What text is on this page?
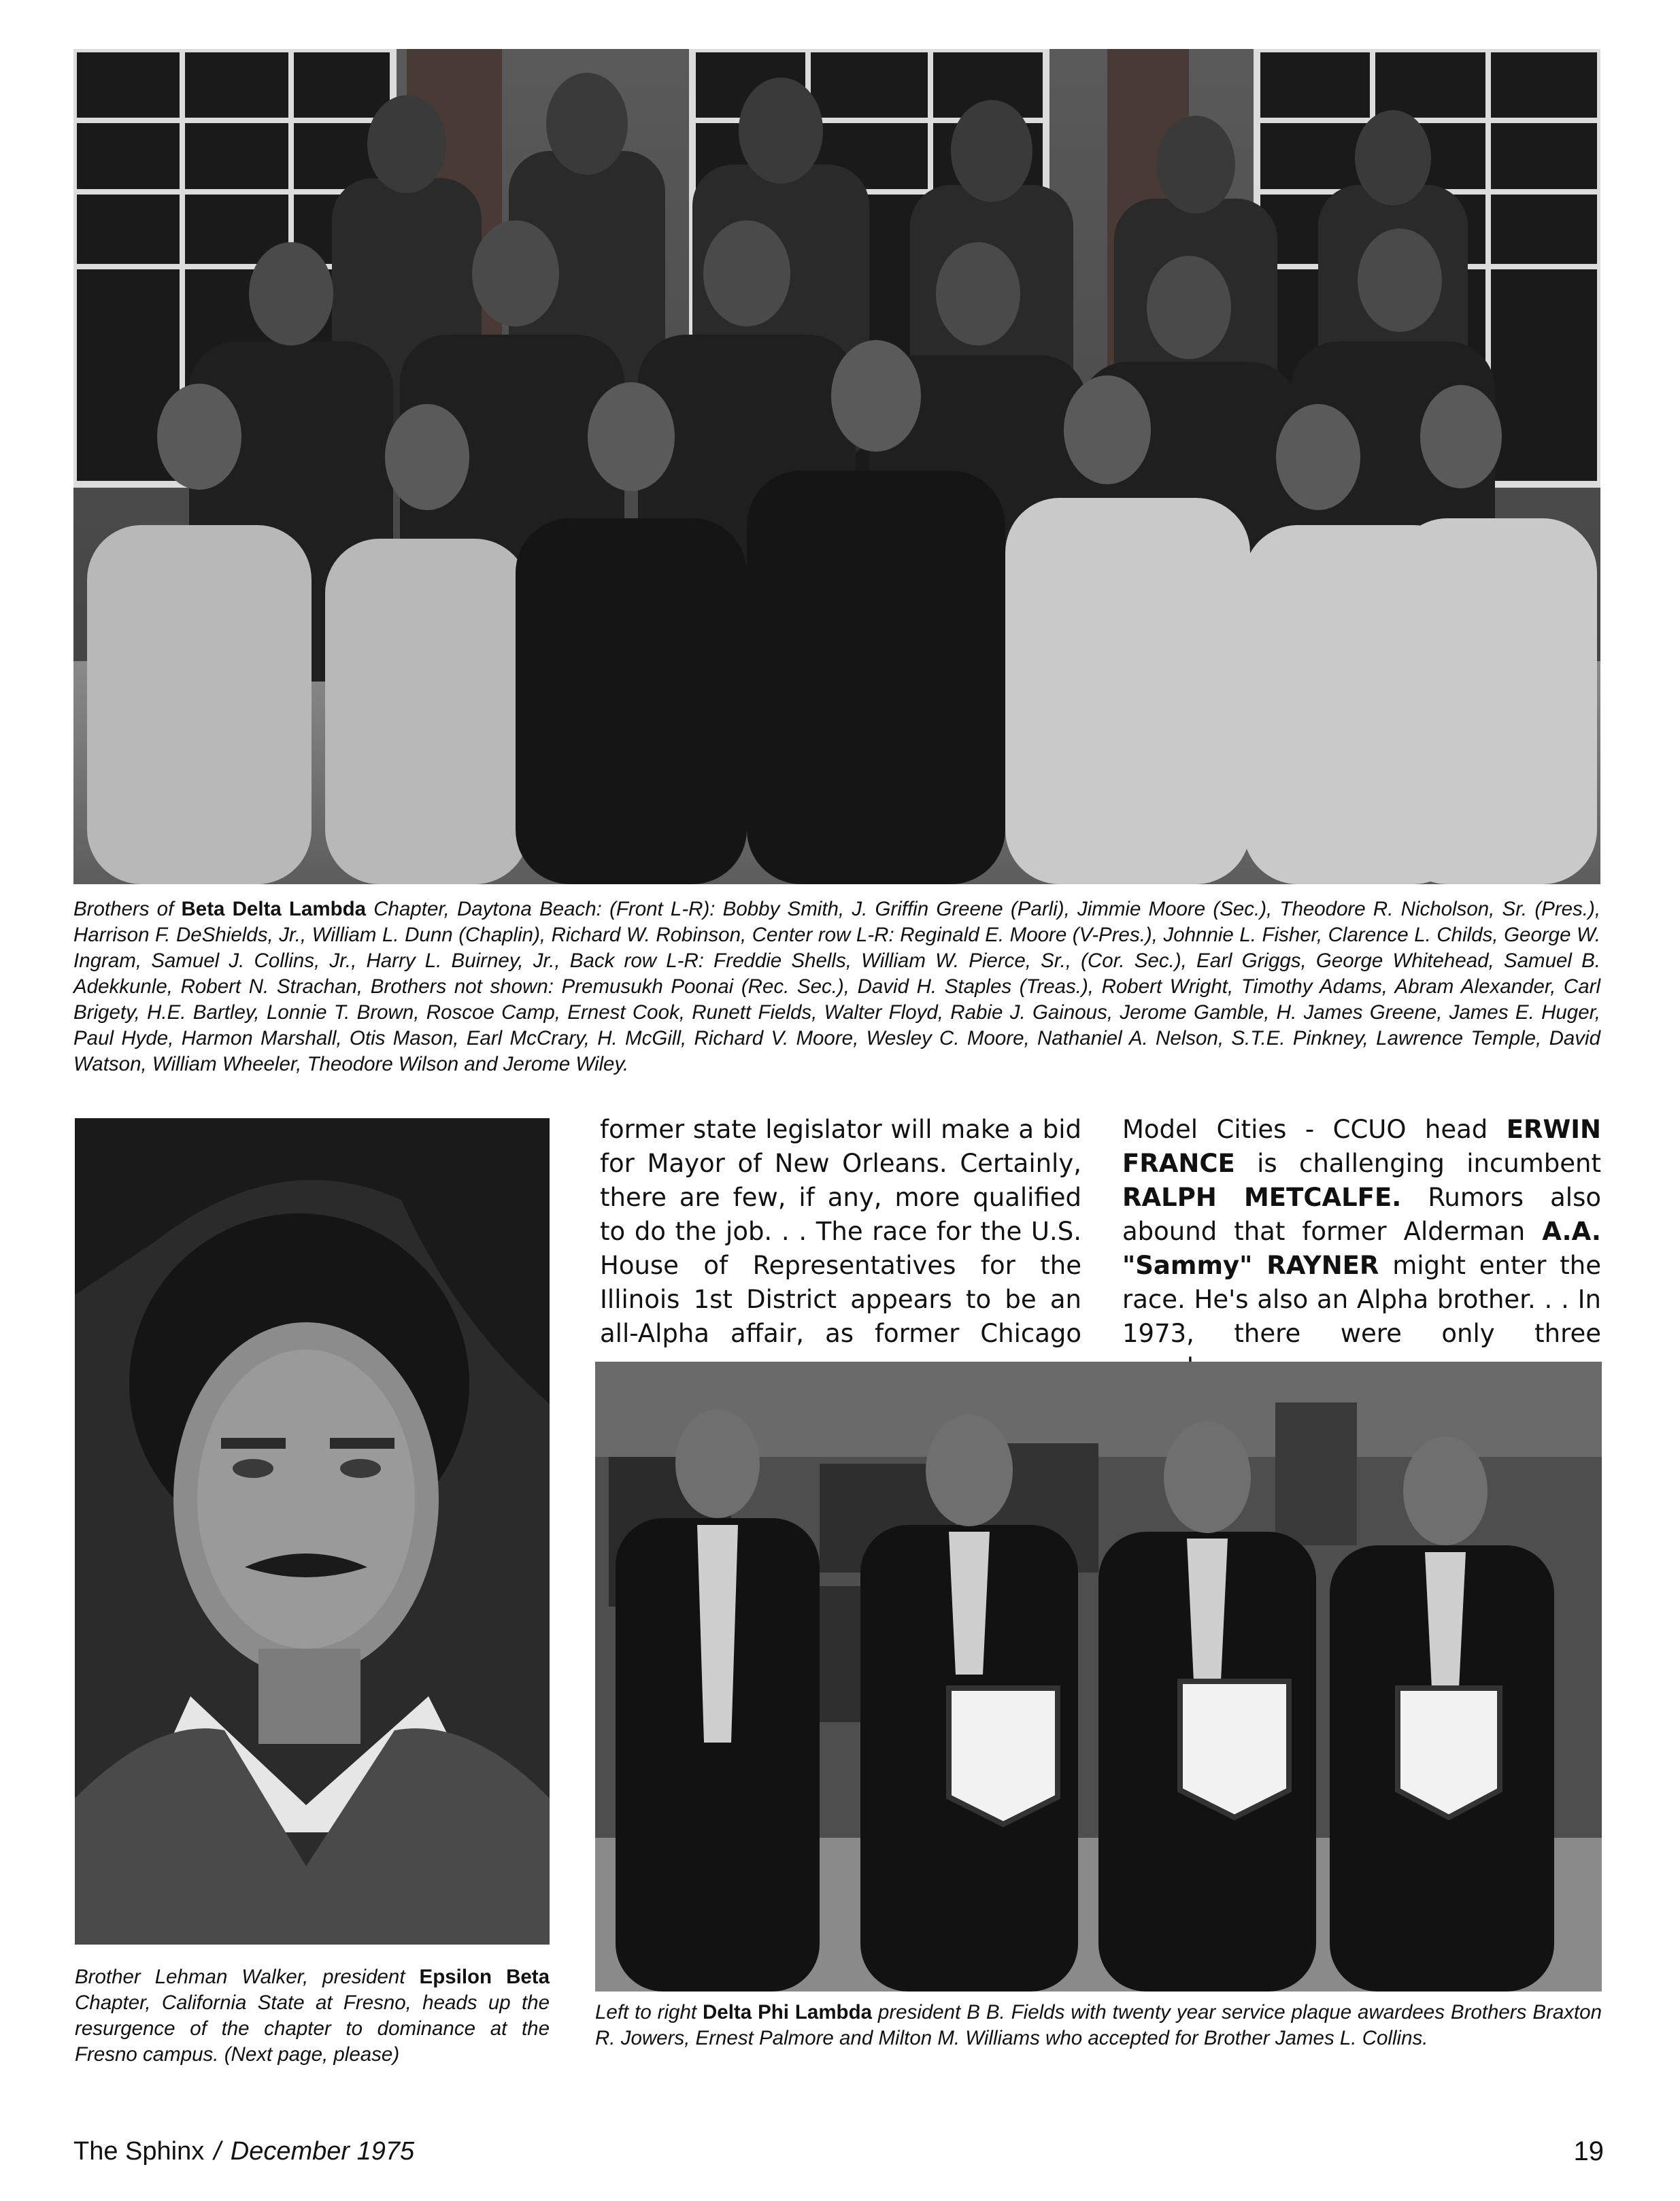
Brothers of Beta Delta Lambda Chapter, Daytona Beach: (Front L-R): Bobby Smith, J. Griffin Greene (Parli), Jimmie Moore (Sec.), Theodore R. Nicholson, Sr. (Pres.), Harrison F. DeShields, Jr., William L. Dunn (Chaplin), Richard W. Robinson, Center row L-R: Reginald E. Moore (V-Pres.), Johnnie L. Fisher, Clarence L. Childs, George W. Ingram, Samuel J. Collins, Jr., Harry L. Buirney, Jr., Back row L-R: Freddie Shells, William W. Pierce, Sr., (Cor. Sec.), Earl Griggs, George Whitehead, Samuel B. Adekkunle, Robert N. Strachan, Brothers not shown: Premusukh Poonai (Rec. Sec.), David H. Staples (Treas.), Robert Wright, Timothy Adams, Abram Alexander, Carl Brigety, H.E. Bartley, Lonnie T. Brown, Roscoe Camp, Ernest Cook, Runett Fields, Walter Floyd, Rabie J. Gainous, Jerome Gamble, H. James Greene, James E. Huger, Paul Hyde, Harmon Marshall, Otis Mason, Earl McCrary, H. McGill, Richard V. Moore, Wesley C. Moore, Nathaniel A. Nelson, S.T.E. Pinkney, Lawrence Temple, David Watson, William Wheeler, Theodore Wilson and Jerome Wiley.
Brother Lehman Walker, president Epsilon Beta Chapter, California State at Fresno, heads up the resurgence of the chapter to dominance at the Fresno campus. (Next page, please)
former state legislator will make a bid for Mayor of New Orleans. Certainly, there are few, if any, more qualified to do the job. . . The race for the U.S. House of Representatives for the Illinois 1st District appears to be an all-Alpha affair, as former Chicago
Model Cities - CCUO head ERWIN FRANCE is challenging incumbent RALPH METCALFE. Rumors also abound that former Alderman A.A. "Sammy" RAYNER might enter the race. He's also an Alpha brother. . . In 1973, there were only three
Left to right Delta Phi Lambda president B B. Fields with twenty year service plaque awardees Brothers Braxton R. Jowers, Ernest Palmore and Milton M. Williams who accepted for Brother James L. Collins.
The Sphinx / December 1975	19
